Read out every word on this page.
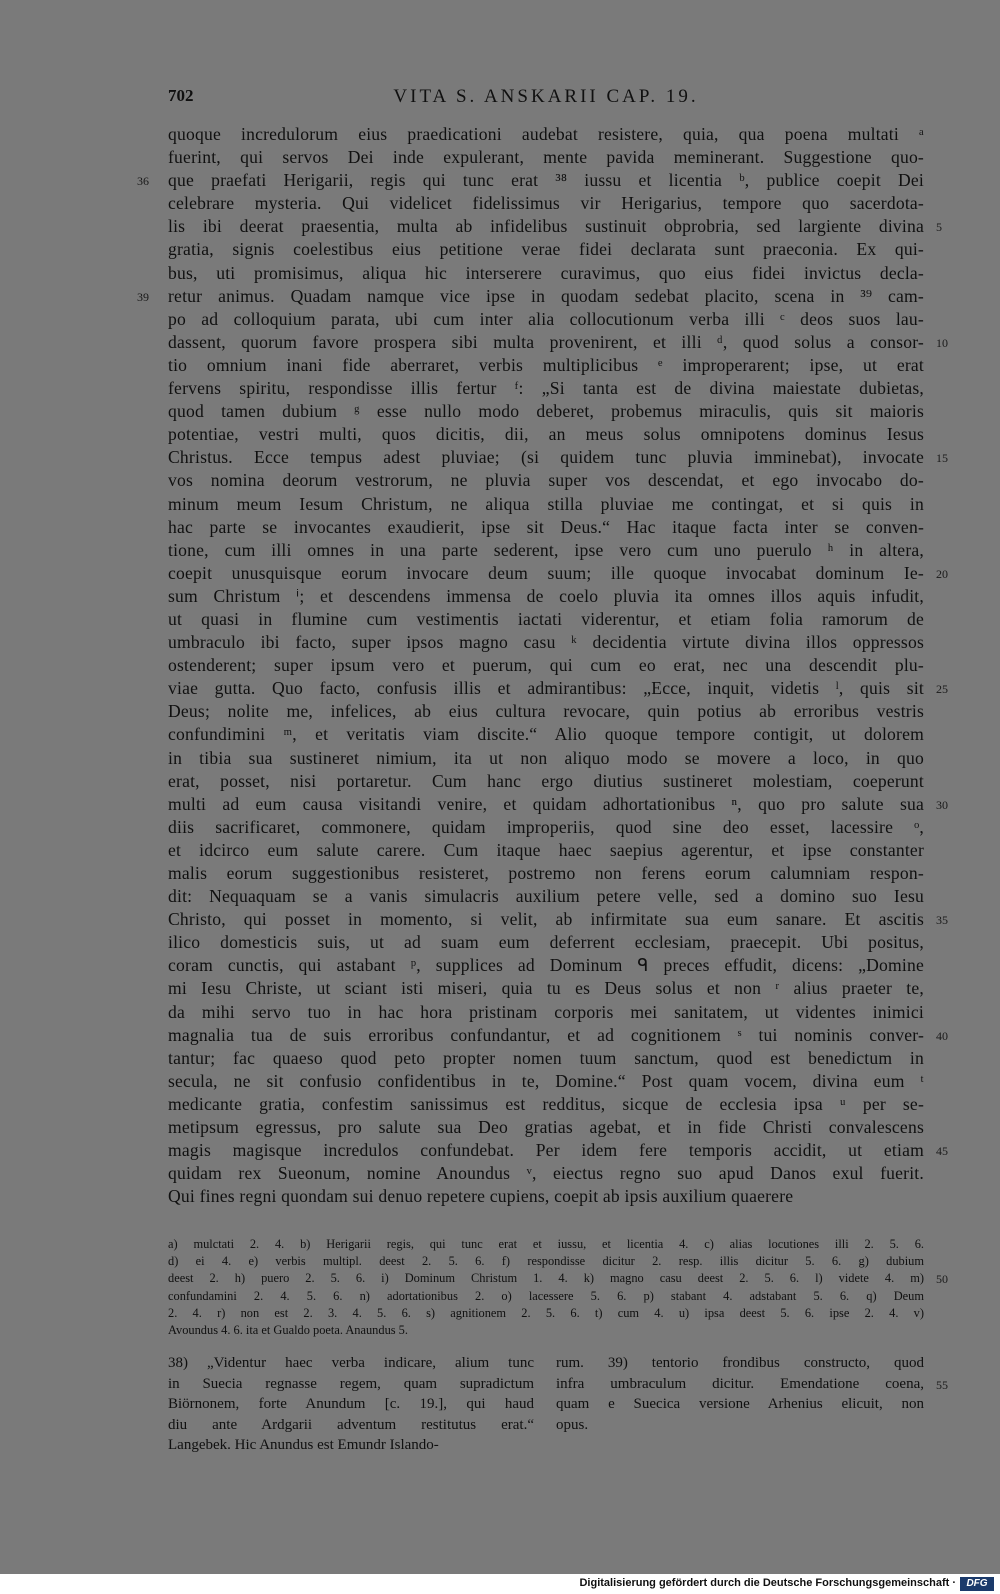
702	VITA S. ANSKARII CAP. 19.
quoque incredulorum eius praedicationi audebat resistere, quia, qua poena multati ᵃ
fuerint, qui servos Dei inde expulerant, mente pavida meminerant. Suggestione quo-
que praefati Herigarii, regis qui tunc erat ³⁸ iussu et licentia ᵇ, publice coepit Dei
celebrare mysteria. Qui videlicet fidelissimus vir Herigarius, tempore quo sacerdota-
lis ibi deerat praesentia, multa ab infidelibus sustinuit obprobria, sed largiente divina
gratia, signis coelestibus eius petitione verae fidei declarata sunt praeconia. Ex qui-
bus, uti promisimus, aliqua hic interserere curavimus, quo eius fidei invictus decla-
retur animus. Quadam namque vice ipse in quodam sedebat placito, scena in ³⁹ cam-
po ad colloquium parata, ubi cum inter alia collocutionum verba illi ᶜ deos suos lau-
dassent, quorum favore prospera sibi multa provenirent, et illi ᵈ, quod solus a consor-
tio omnium inani fide aberraret, verbis multiplicibus ᵉ improperarent; ipse, ut erat
fervens spiritu, respondisse illis fertur ᶠ: „Si tanta est de divina maiestate dubietas,
quod tamen dubium ᵍ esse nullo modo deberet, probemus miraculis, quis sit maioris
potentiae, vestri multi, quos dicitis, dii, an meus solus omnipotens dominus Iesus
Christus. Ecce tempus adest pluviae; (si quidem tunc pluvia imminebat), invocate
vos nomina deorum vestrorum, ne pluvia super vos descendat, et ego invocabo do-
minum meum Iesum Christum, ne aliqua stilla pluviae me contingat, et si quis in
hac parte se invocantes exaudierit, ipse sit Deus.“ Hac itaque facta inter se conven-
tione, cum illi omnes in una parte sederent, ipse vero cum uno puerulo ʰ in altera,
coepit unusquisque eorum invocare deum suum; ille quoque invocabat dominum Ie-
sum Christum ⁱ; et descendens immensa de coelo pluvia ita omnes illos aquis infudit,
ut quasi in flumine cum vestimentis iactati viderentur, et etiam folia ramorum de
umbraculo ibi facto, super ipsos magno casu ᵏ decidentia virtute divina illos oppressos
ostenderent; super ipsum vero et puerum, qui cum eo erat, nec una descendit plu-
viae gutta. Quo facto, confusis illis et admirantibus: „Ecce, inquit, videtis ˡ, quis sit
Deus; nolite me, infelices, ab eius cultura revocare, quin potius ab erroribus vestris
confundimini ᵐ, et veritatis viam discite.“ Alio quoque tempore contigit, ut dolorem
in tibia sua sustineret nimium, ita ut non aliquo modo se movere a loco, in quo
erat, posset, nisi portaretur. Cum hanc ergo diutius sustineret molestiam, coeperunt
multi ad eum causa visitandi venire, et quidam adhortationibus ⁿ, quo pro salute sua
diis sacrificaret, commonere, quidam improperiis, quod sine deo esset, lacessire ᵒ,
et idcirco eum salute carere. Cum itaque haec saepius agerentur, et ipse constanter
malis eorum suggestionibus resisteret, postremo non ferens eorum calumniam respon-
dit: Nequaquam se a vanis simulacris auxilium petere velle, sed a domino suo Iesu
Christo, qui posset in momento, si velit, ab infirmitate sua eum sanare. Et ascitis
ilico domesticis suis, ut ad suam eum deferrent ecclesiam, praecepit. Ubi positus,
coram cunctis, qui astabant ᵖ, supplices ad Dominum ᑫ preces effudit, dicens: „Domine
mi Iesu Christe, ut sciant isti miseri, quia tu es Deus solus et non ʳ alius praeter te,
da mihi servo tuo in hac hora pristinam corporis mei sanitatem, ut videntes inimici
magnalia tua de suis erroribus confundantur, et ad cognitionem ˢ tui nominis conver-
tantur; fac quaeso quod peto propter nomen tuum sanctum, quod est benedictum in
secula, ne sit confusio confidentibus in te, Domine.“ Post quam vocem, divina eum ᵗ
medicante gratia, confestim sanissimus est redditus, sicque de ecclesia ipsa ᵘ per se-
metipsum egressus, pro salute sua Deo gratias agebat, et in fide Christi convalescens
magis magisque incredulos confundebat. Per idem fere temporis accidit, ut etiam
quidam rex Sueonum, nomine Anoundus ᵛ, eiectus regno suo apud Danos exul fuerit.
Qui fines regni quondam sui denuo repetere cupiens, coepit ab ipsis auxilium quaerere
36
39
5
10
15
20
25
30
35
40
45
50
55
a) mulctati 2. 4. b) Herigarii regis, qui tunc erat et iussu, et licentia 4. c) alias locutiones illi 2. 5. 6.
d) ei 4. e) verbis multipl. deest 2. 5. 6. f) respondisse dicitur 2. resp. illis dicitur 5. 6. g) dubium
deest 2. h) puero 2. 5. 6. i) Dominum Christum 1. 4. k) magno casu deest 2. 5. 6. l) videte 4. m)
confundamini 2. 4. 5. 6. n) adortationibus 2. o) lacessere 5. 6. p) stabant 4. adstabant 5. 6. q) Deum
2. 4. r) non est 2. 3. 4. 5. 6. s) agnitionem 2. 5. 6. t) cum 4. u) ipsa deest 5. 6. ipse 2. 4. v)
Avoundus 4. 6. ita et Gualdo poeta. Anaundus 5.
38) „Videntur haec verba indicare, alium tunc
in Suecia regnasse regem, quam supradictum
Biörnonem, forte Anundum [c. 19.], qui haud
diu ante Ardgarii adventum restitutus erat.“
Langebek. Hic Anundus est Emundr Islando-
rum. 39) tentorio frondibus constructo, quod
infra umbraculum dicitur. Emendatione coena,
quam e Suecica versione Arhenius elicuit, non
opus.
Digitalisierung gefördert durch die Deutsche Forschungsgemeinschaft ·	DFG
